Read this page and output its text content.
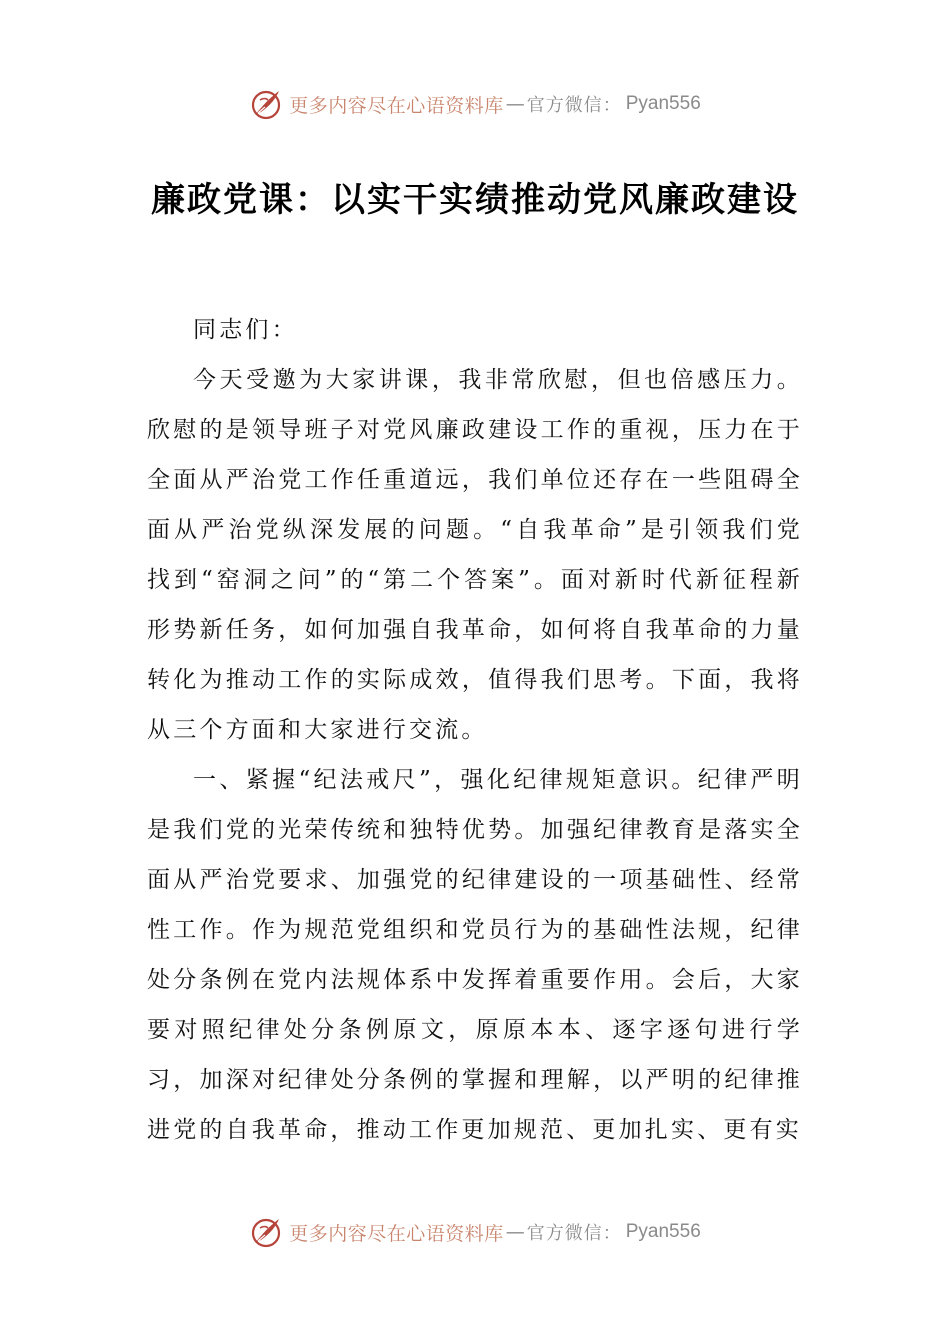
更多内容尽在心语资料库 — 官方微信： Pyan556
廉政党课：以实干实绩推动党风廉政建设

同志们：

今天受邀为大家讲课，我非常欣慰，但也倍感压力。欣慰的是领导班子对党风廉政建设工作的重视，压力在于全面从严治党工作任重道远，我们单位还存在一些阻碍全面从严治党纵深发展的问题。“自我革命”是引领我们党找到“窑洞之问”的“第二个答案”。面对新时代新征程新形势新任务，如何加强自我革命，如何将自我革命的力量转化为推动工作的实际成效，值得我们思考。下面，我将从三个方面和大家进行交流。

一、紧握“纪法戒尺”，强化纪律规矩意识。纪律严明是我们党的光荣传统和独特优势。加强纪律教育是落实全面从严治党要求、加强党的纪律建设的一项基础性、经常性工作。作为规范党组织和党员行为的基础性法规，纪律处分条例在党内法规体系中发挥着重要作用。会后，大家要对照纪律处分条例原文，原原本本、逐字逐句进行学习，加深对纪律处分条例的掌握和理解，以严明的纪律推进党的自我革命，推动工作更加规范、更加扎实、更有实

更多内容尽在心语资料库 — 官方微信： Pyan556
